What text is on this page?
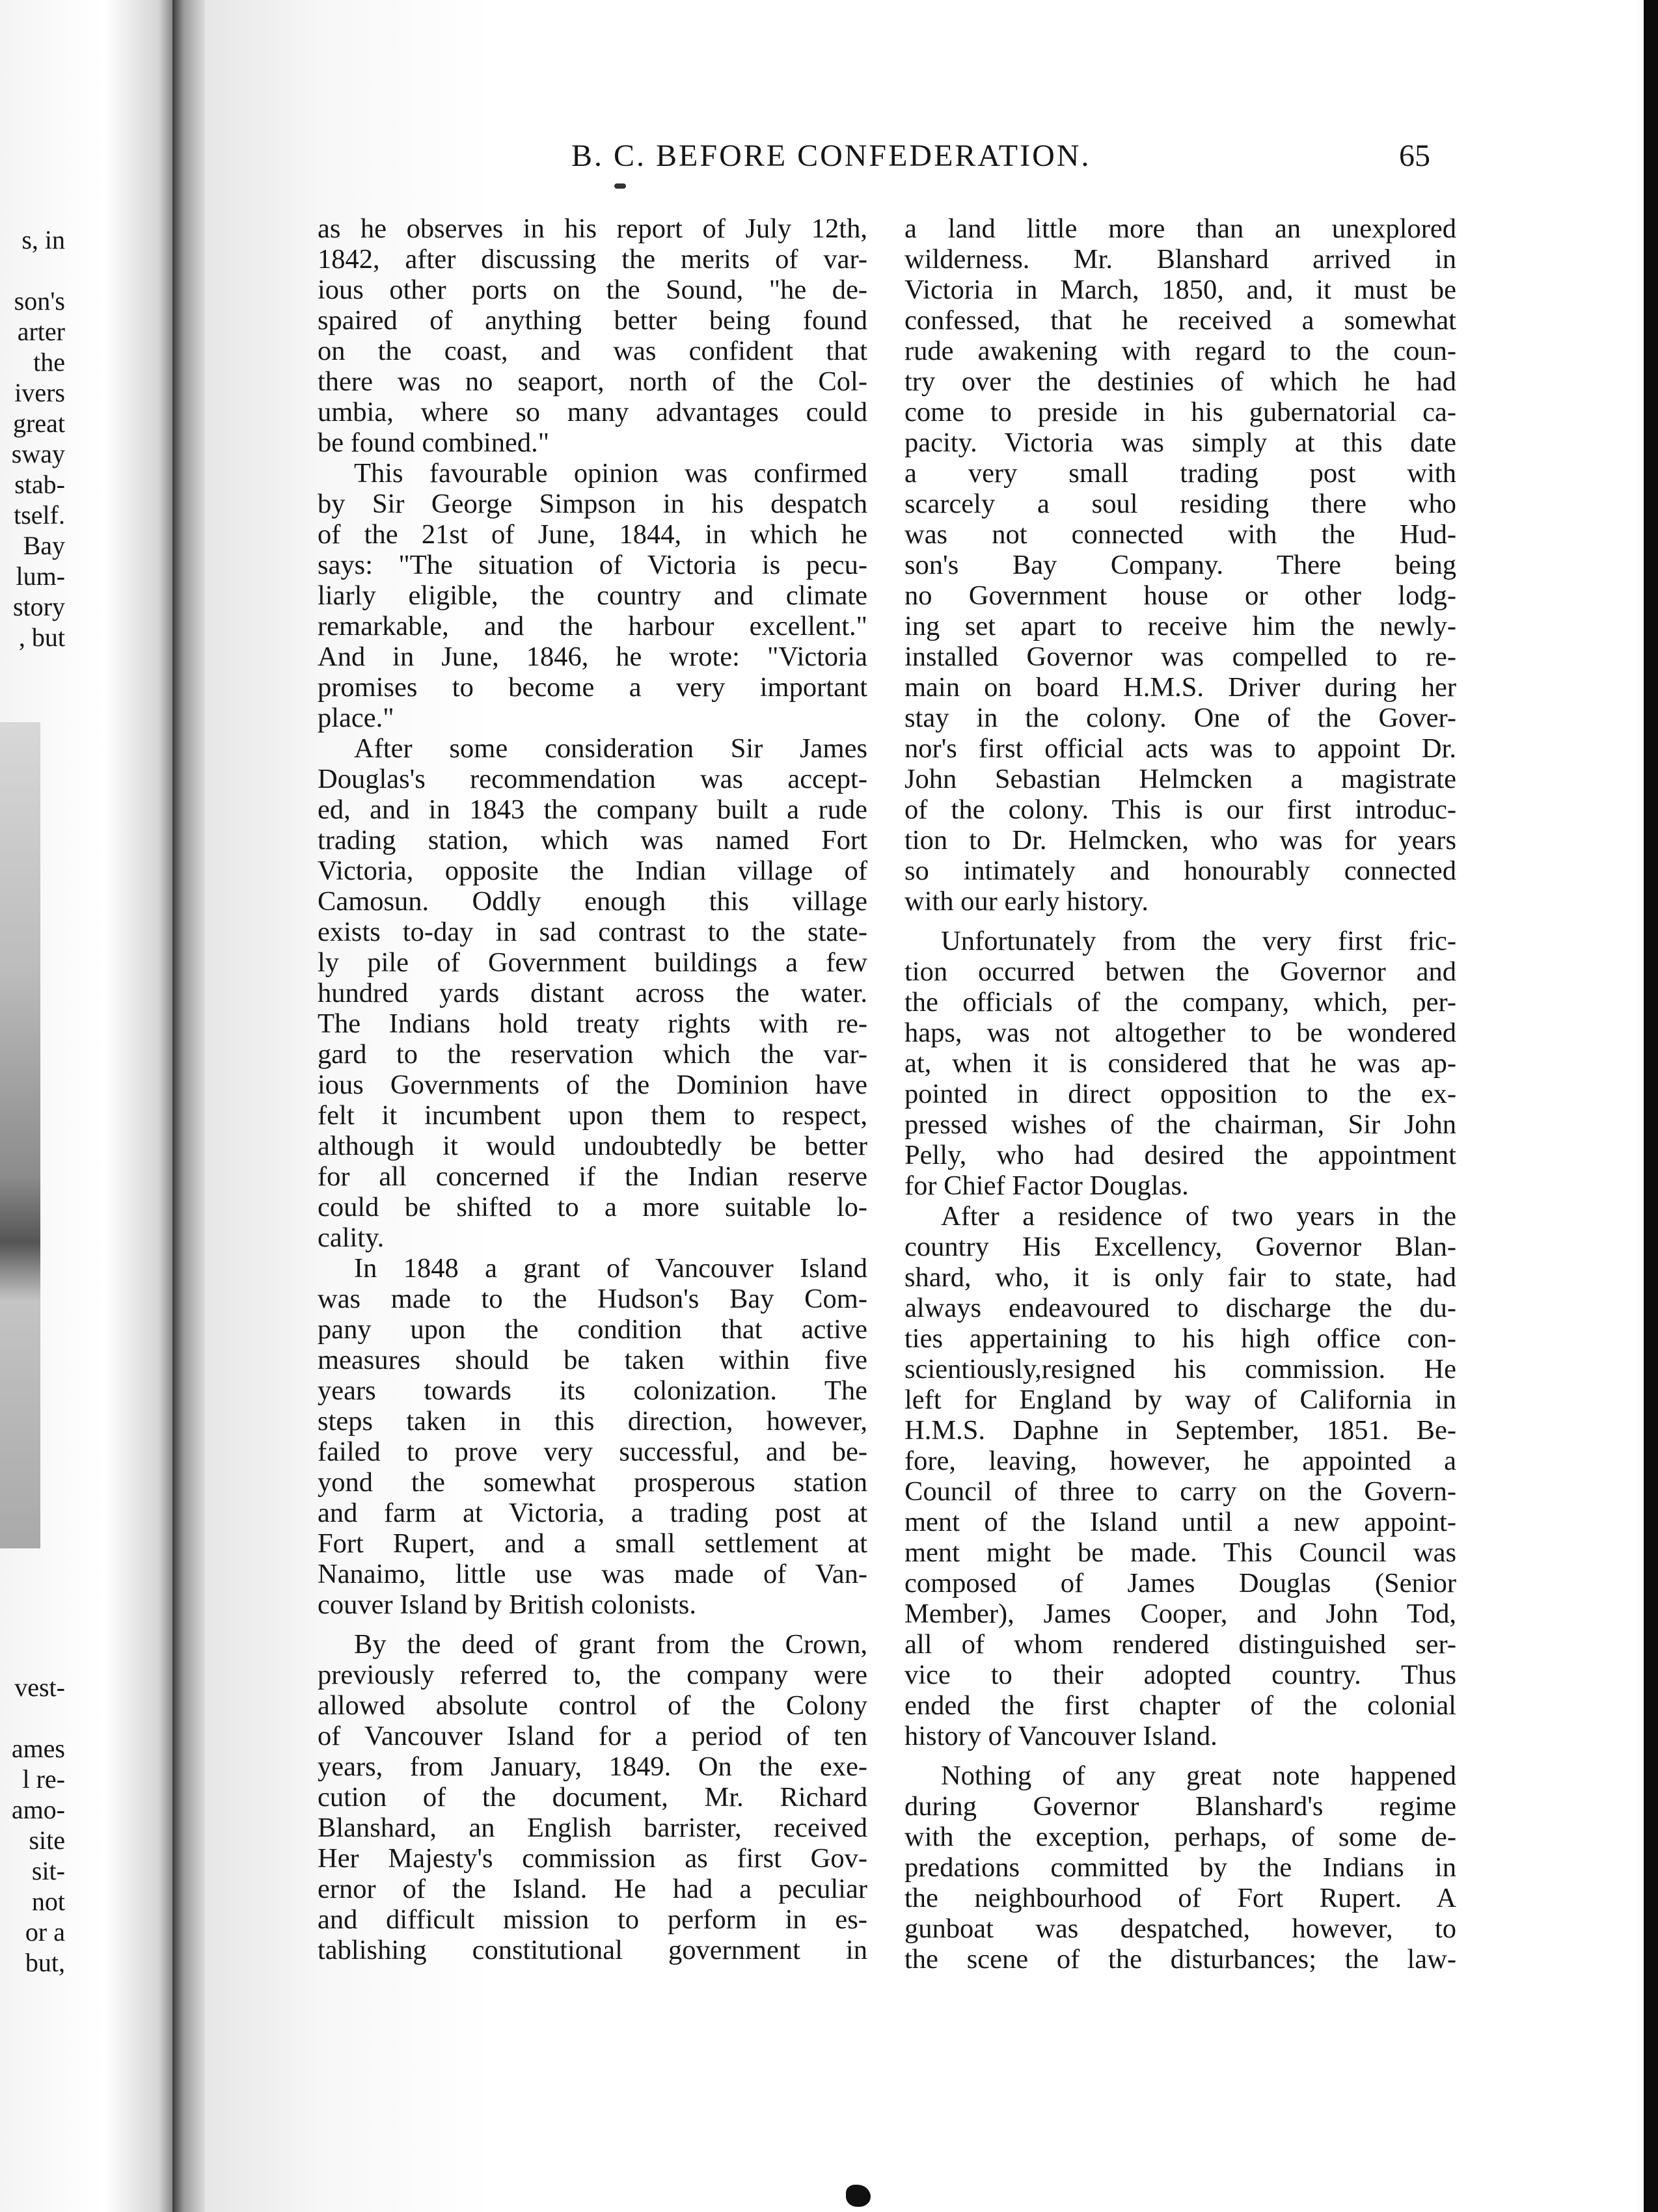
s, in

son's
arter
the
ivers
great
sway
stab-
tself.
Bay
lum-
story
, but
vest-

ames
l re-
amo-
site
sit-
not
or a
but,
B. C. BEFORE CONFEDERATION.	65
as he observes in his report of July 12th,
1842, after discussing the merits of var-
ious other ports on the Sound, "he de-
spaired of anything better being found
on the coast, and was confident that
there was no seaport, north of the Col-
umbia, where so many advantages could
be found combined."
This favourable opinion was confirmed
by Sir George Simpson in his despatch
of the 21st of June, 1844, in which he
says: "The situation of Victoria is pecu-
liarly eligible, the country and climate
remarkable, and the harbour excellent."
And in June, 1846, he wrote: "Victoria
promises to become a very important
place."
After some consideration Sir James
Douglas's recommendation was accept-
ed, and in 1843 the company built a rude
trading station, which was named Fort
Victoria, opposite the Indian village of
Camosun. Oddly enough this village
exists to-day in sad contrast to the state-
ly pile of Government buildings a few
hundred yards distant across the water.
The Indians hold treaty rights with re-
gard to the reservation which the var-
ious Governments of the Dominion have
felt it incumbent upon them to respect,
although it would undoubtedly be better
for all concerned if the Indian reserve
could be shifted to a more suitable lo-
cality.
In 1848 a grant of Vancouver Island
was made to the Hudson's Bay Com-
pany upon the condition that active
measures should be taken within five
years towards its colonization. The
steps taken in this direction, however,
failed to prove very successful, and be-
yond the somewhat prosperous station
and farm at Victoria, a trading post at
Fort Rupert, and a small settlement at
Nanaimo, little use was made of Van-
couver Island by British colonists.
By the deed of grant from the Crown,
previously referred to, the company were
allowed absolute control of the Colony
of Vancouver Island for a period of ten
years, from January, 1849. On the exe-
cution of the document, Mr. Richard
Blanshard, an English barrister, received
Her Majesty's commission as first Gov-
ernor of the Island. He had a peculiar
and difficult mission to perform in es-
tablishing constitutional government in
a land little more than an unexplored
wilderness. Mr. Blanshard arrived in
Victoria in March, 1850, and, it must be
confessed, that he received a somewhat
rude awakening with regard to the coun-
try over the destinies of which he had
come to preside in his gubernatorial ca-
pacity. Victoria was simply at this date
a very small trading post with
scarcely a soul residing there who
was not connected with the Hud-
son's Bay Company. There being
no Government house or other lodg-
ing set apart to receive him the newly-
installed Governor was compelled to re-
main on board H.M.S. Driver during her
stay in the colony. One of the Gover-
nor's first official acts was to appoint Dr.
John Sebastian Helmcken a magistrate
of the colony. This is our first introduc-
tion to Dr. Helmcken, who was for years
so intimately and honourably connected
with our early history.
Unfortunately from the very first fric-
tion occurred betwen the Governor and
the officials of the company, which, per-
haps, was not altogether to be wondered
at, when it is considered that he was ap-
pointed in direct opposition to the ex-
pressed wishes of the chairman, Sir John
Pelly, who had desired the appointment
for Chief Factor Douglas.
After a residence of two years in the
country His Excellency, Governor Blan-
shard, who, it is only fair to state, had
always endeavoured to discharge the du-
ties appertaining to his high office con-
scientiously,resigned his commission. He
left for England by way of California in
H.M.S. Daphne in September, 1851. Be-
fore, leaving, however, he appointed a
Council of three to carry on the Govern-
ment of the Island until a new appoint-
ment might be made. This Council was
composed of James Douglas (Senior
Member), James Cooper, and John Tod,
all of whom rendered distinguished ser-
vice to their adopted country. Thus
ended the first chapter of the colonial
history of Vancouver Island.
Nothing of any great note happened
during Governor Blanshard's regime
with the exception, perhaps, of some de-
predations committed by the Indians in
the neighbourhood of Fort Rupert. A
gunboat was despatched, however, to
the scene of the disturbances; the law-
